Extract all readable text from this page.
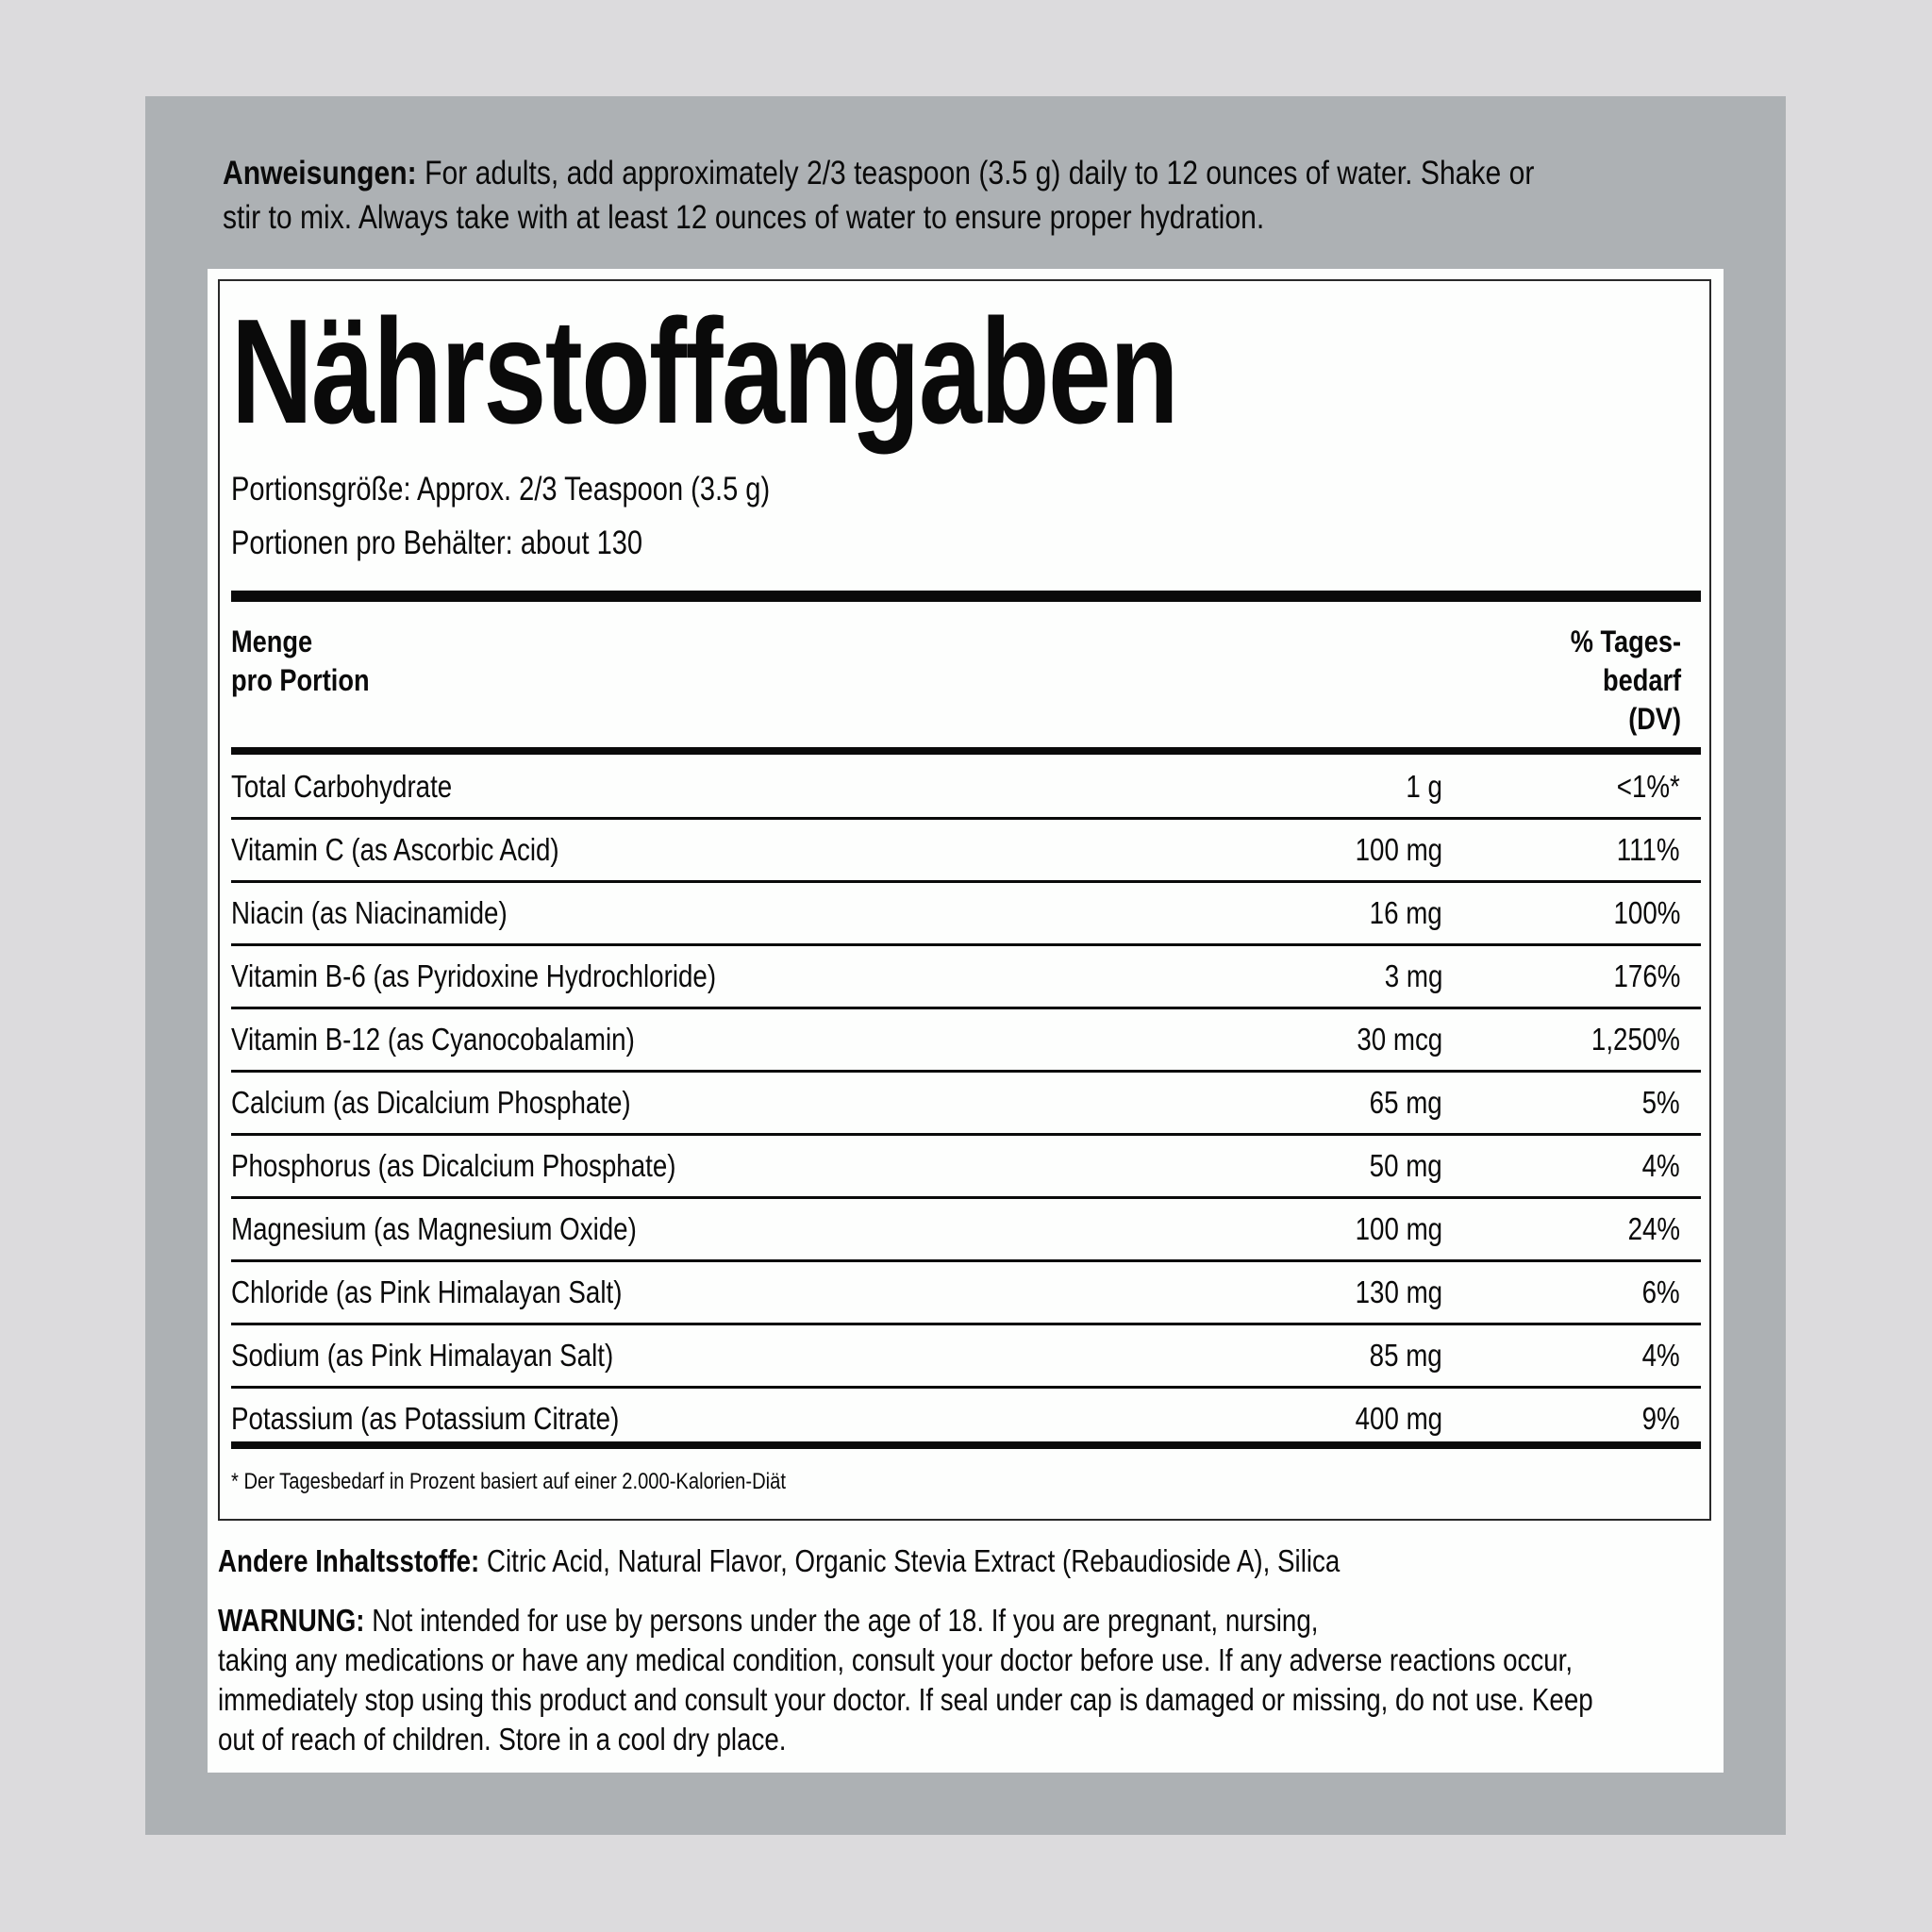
Anweisungen: For adults, add approximately 2/3 teaspoon (3.5 g) daily to 12 ounces of water. Shake or
stir to mix. Always take with at least 12 ounces of water to ensure proper hydration.
Nährstoffangaben
Portionsgröße: Approx. 2/3 Teaspoon (3.5 g)
Portionen pro Behälter: about 130
Menge
pro Portion
% Tages-
bedarf
(DV)
Total Carbohydrate	1 g	<1%*
Vitamin C (as Ascorbic Acid)	100 mg	111%
Niacin (as Niacinamide)	16 mg	100%
Vitamin B-6 (as Pyridoxine Hydrochloride)	3 mg	176%
Vitamin B-12 (as Cyanocobalamin)	30 mcg	1,250%
Calcium (as Dicalcium Phosphate)	65 mg	5%
Phosphorus (as Dicalcium Phosphate)	50 mg	4%
Magnesium (as Magnesium Oxide)	100 mg	24%
Chloride (as Pink Himalayan Salt)	130 mg	6%
Sodium (as Pink Himalayan Salt)	85 mg	4%
Potassium (as Potassium Citrate)	400 mg	9%
* Der Tagesbedarf in Prozent basiert auf einer 2.000-Kalorien-Diät
Andere Inhaltsstoffe: Citric Acid, Natural Flavor, Organic Stevia Extract (Rebaudioside A), Silica
WARNUNG: Not intended for use by persons under the age of 18. If you are pregnant, nursing,
taking any medications or have any medical condition, consult your doctor before use. If any adverse reactions occur,
immediately stop using this product and consult your doctor. If seal under cap is damaged or missing, do not use. Keep
out of reach of children. Store in a cool dry place.
